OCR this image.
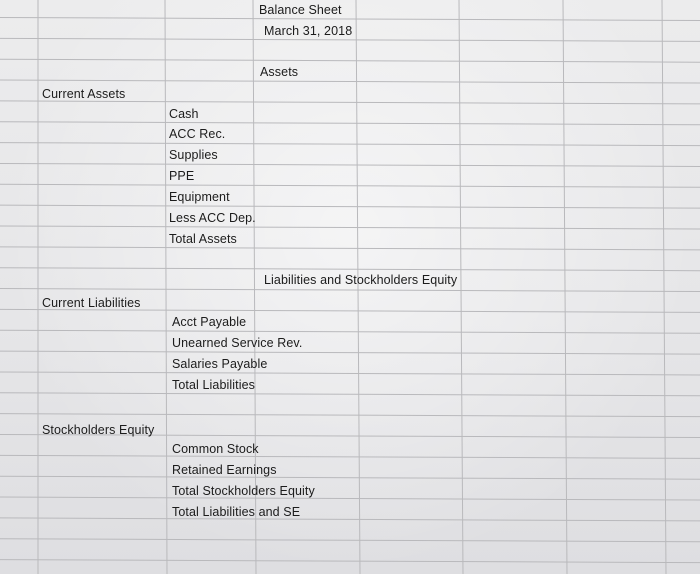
Balance Sheet
March 31, 2018
Assets
Current Assets
Cash
ACC Rec.
Supplies
PPE
Equipment
Less ACC Dep.
Total Assets
Liabilities and Stockholders Equity
Current Liabilities
Acct Payable
Unearned Service Rev.
Salaries Payable
Total Liabilities
Stockholders Equity
Common Stock
Retained Earnings
Total Stockholders Equity
Total Liabilities and SE
